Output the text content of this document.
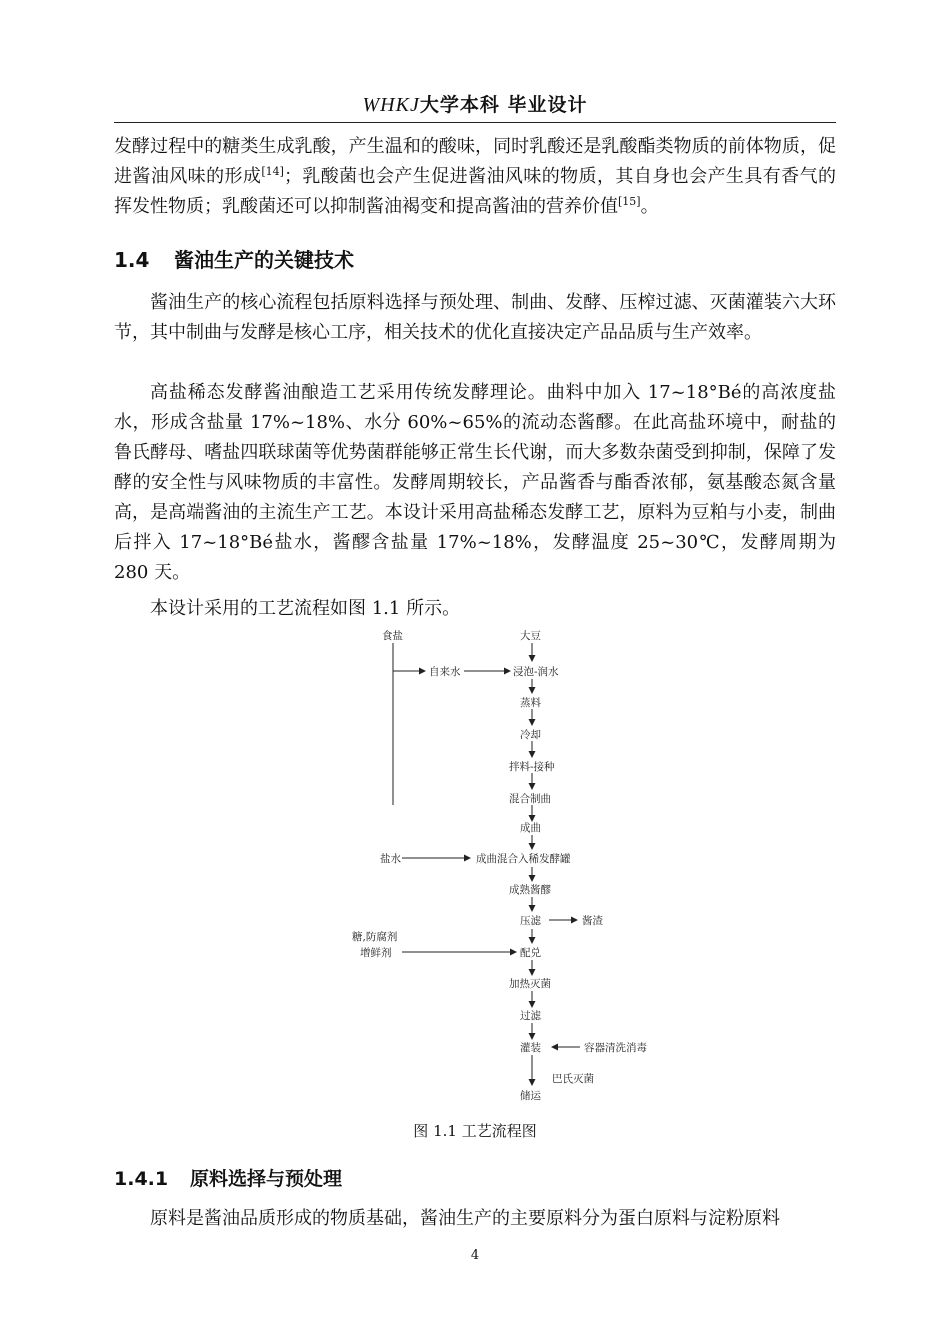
WHKJ大学本科 毕业设计

发酵过程中的糖类生成乳酸，产生温和的酸味，同时乳酸还是乳酸酯类物质的前体物质，促进酱油风味的形成[14]；乳酸菌也会产生促进酱油风味的物质，其自身也会产生具有香气的挥发性物质；乳酸菌还可以抑制酱油褐变和提高酱油的营养价值[15]。

1.4 酱油生产的关键技术

酱油生产的核心流程包括原料选择与预处理、制曲、发酵、压榨过滤、灭菌灌装六大环节，其中制曲与发酵是核心工序，相关技术的优化直接决定产品品质与生产效率。

高盐稀态发酵酱油酿造工艺采用传统发酵理论。曲料中加入 17~18°Bé的高浓度盐水，形成含盐量 17%~18%、水分 60%~65%的流动态酱醪。在此高盐环境中，耐盐的鲁氏酵母、嗜盐四联球菌等优势菌群能够正常生长代谢，而大多数杂菌受到抑制，保障了发酵的安全性与风味物质的丰富性。发酵周期较长，产品酱香与酯香浓郁，氨基酸态氮含量高，是高端酱油的主流生产工艺。本设计采用高盐稀态发酵工艺，原料为豆粕与小麦，制曲后拌入 17~18°Bé盐水，酱醪含盐量 17%~18%，发酵温度 25~30℃，发酵周期为 280 天。

本设计采用的工艺流程如图 1.1 所示。

食盐	大豆
自来水	浸泡-润水
蒸料
冷却
拌料-接种
混合制曲
成曲
盐水	成曲混合入稀发酵罐
成熟酱醪
压滤	酱渣
糖,防腐剂
增鲜剂	配兑
加热灭菌
过滤
灌装	容器清洗消毒
巴氏灭菌
储运
图 1.1 工艺流程图
1.4.1 原料选择与预处理

原料是酱油品质形成的物质基础，酱油生产的主要原料分为蛋白原料与淀粉原料

4
